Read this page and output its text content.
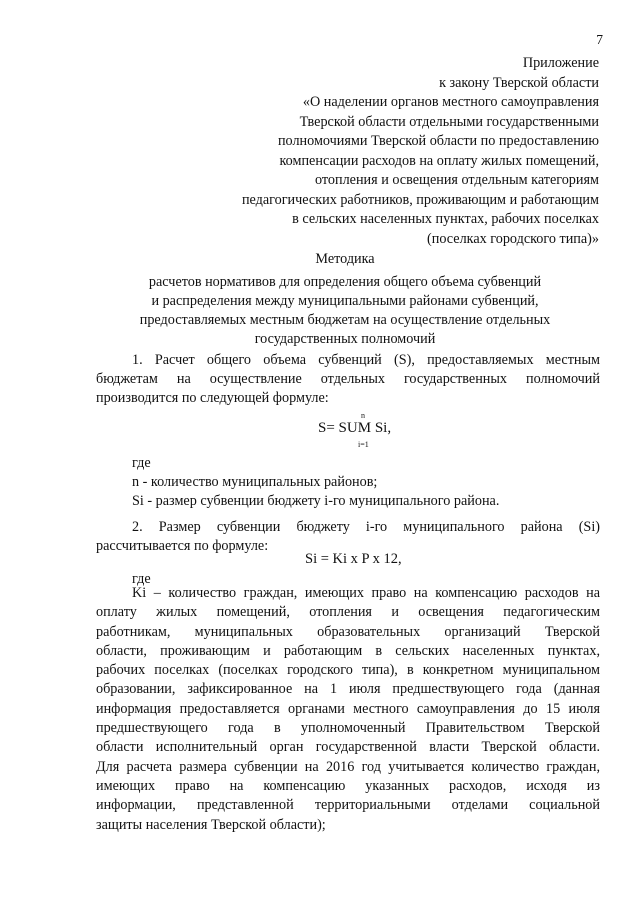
7
Приложение
к закону Тверской области
«О наделении органов местного самоуправления
Тверской области отдельными государственными
полномочиями Тверской области по предоставлению
компенсации расходов на оплату жилых помещений,
отопления и освещения отдельным категориям
педагогических работников, проживающим и работающим
в сельских населенных пунктах, рабочих поселках
(поселках городского типа)»
Методика
расчетов нормативов для определения общего объема субвенций
и распределения между муниципальными районами субвенций,
предоставляемых местным бюджетам на осуществление отдельных
государственных полномочий
1. Расчет общего объема субвенций (S), предоставляемых местным
бюджетам на осуществление отдельных государственных полномочий
производится по следующей формуле:
n
S= SUM Si,
i=1
где
n - количество муниципальных районов;
Si - размер субвенции бюджету i-го муниципального района.
2. Размер субвенции бюджету i-го муниципального района (Si)
рассчитывается по формуле:
Si = Ki х P х 12,
где
Ki – количество граждан, имеющих право на компенсацию расходов на
оплату жилых помещений, отопления и освещения педагогическим
работникам, муниципальных образовательных организаций Тверской
области, проживающим и работающим в сельских населенных пунктах,
рабочих поселках (поселках городского типа), в конкретном муниципальном
образовании, зафиксированное на 1 июля предшествующего года (данная
информация предоставляется органами местного самоуправления до 15 июля
предшествующего года в уполномоченный Правительством Тверской
области исполнительный орган государственной власти Тверской области.
Для расчета размера субвенции на 2016 год учитывается количество граждан,
имеющих право на компенсацию указанных расходов, исходя из
информации, представленной территориальными отделами социальной
защиты населения Тверской области);
